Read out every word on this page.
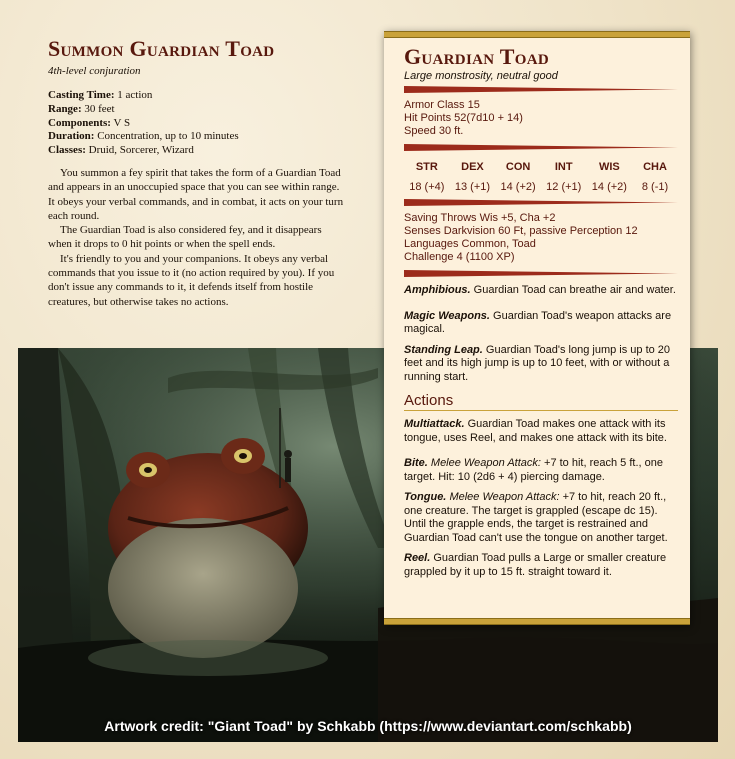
Summon Guardian Toad
4th-level conjuration
Casting Time: 1 action
Range: 30 feet
Components: V S
Duration: Concentration, up to 10 minutes
Classes: Druid, Sorcerer, Wizard

You summon a fey spirit that takes the form of a Guardian Toad and appears in an unoccupied space that you can see within range. It obeys your verbal commands, and in combat, it acts on your turn each round.

The Guardian Toad is also considered fey, and it disappears when it drops to 0 hit points or when the spell ends.

It's friendly to you and your companions. It obeys any verbal commands that you issue to it (no action required by you). If you don't issue any commands to it, it defends itself from hostile creatures, but otherwise takes no actions.

Artwork credit: "Giant Toad" by Schkabb (https://www.deviantart.com/schkabb)
Guardian Toad
Large monstrosity, neutral good
Armor Class 15
Hit Points 52(7d10 + 14)
Speed 30 ft.
STR
18 (+4)
DEX
13 (+1)
CON
14 (+2)
INT
12 (+1)
WIS
14 (+2)
CHA
8 (-1)
Saving Throws Wis +5, Cha +2
Senses Darkvision 60 Ft, passive Perception 12
Languages Common, Toad
Challenge 4 (1100 XP)
Amphibious. Guardian Toad can breathe air and water.
Magic Weapons. Guardian Toad's weapon attacks are magical.
Standing Leap. Guardian Toad's long jump is up to 20 feet and its high jump is up to 10 feet, with or without a running start.
Actions
Multiattack. Guardian Toad makes one attack with its tongue, uses Reel, and makes one attack with its bite.
Bite. Melee Weapon Attack: +7 to hit, reach 5 ft., one target. Hit: 10 (2d6 + 4) piercing damage.
Tongue. Melee Weapon Attack: +7 to hit, reach 20 ft., one creature. The target is grappled (escape dc 15). Until the grapple ends, the target is restrained and Guardian Toad can't use the tongue on another target.
Reel. Guardian Toad pulls a Large or smaller creature grappled by it up to 15 ft. straight toward it.
